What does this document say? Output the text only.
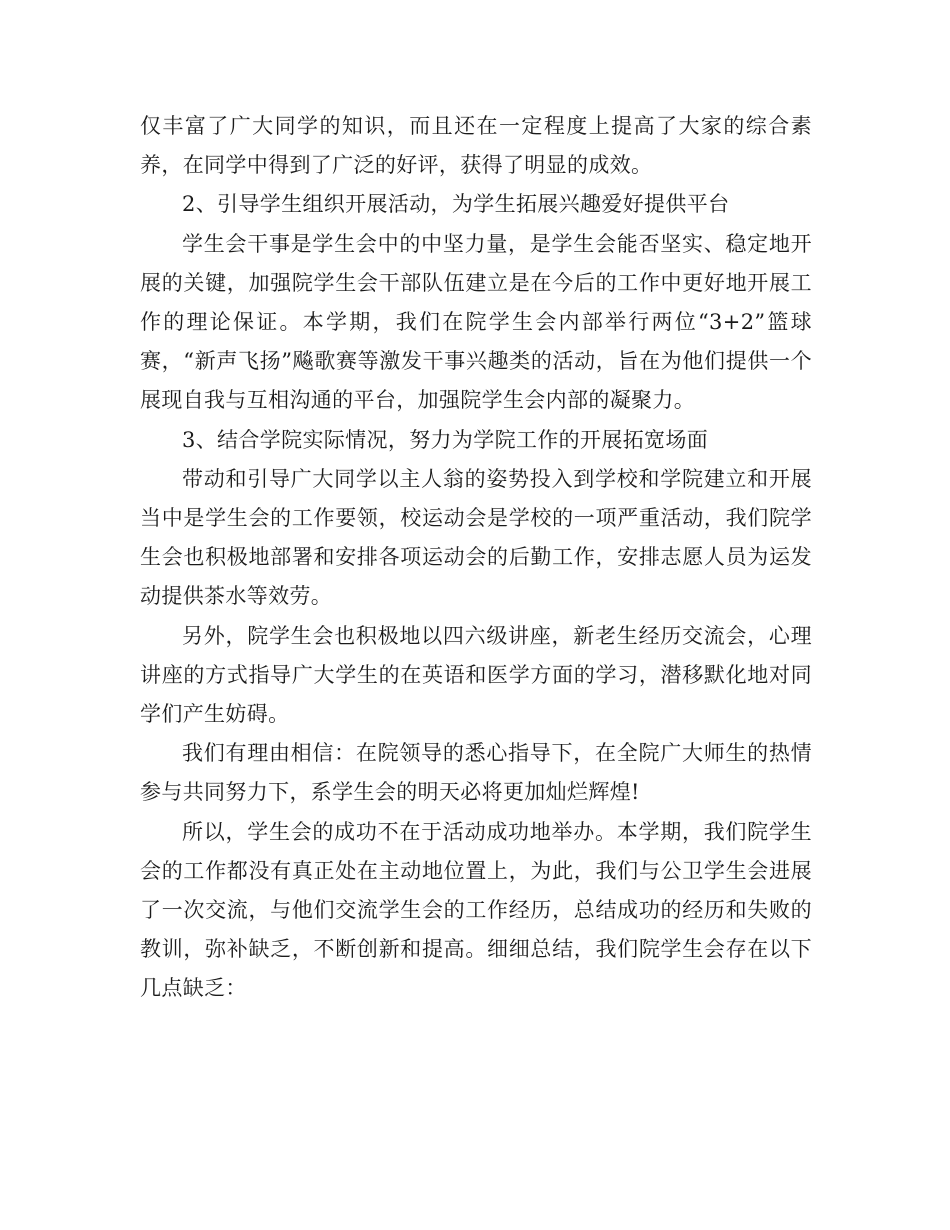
仅丰富了广大同学的知识，而且还在一定程度上提高了大家的综合素养，在同学中得到了广泛的好评，获得了明显的成效。

2、引导学生组织开展活动，为学生拓展兴趣爱好提供平台

学生会干事是学生会中的中坚力量，是学生会能否坚实、稳定地开展的关键，加强院学生会干部队伍建立是在今后的工作中更好地开展工作的理论保证。本学期，我们在院学生会内部举行两位“3+2”篮球赛，“新声飞扬”飚歌赛等激发干事兴趣类的活动，旨在为他们提供一个展现自我与互相沟通的平台，加强院学生会内部的凝聚力。

3、结合学院实际情况，努力为学院工作的开展拓宽场面

带动和引导广大同学以主人翁的姿势投入到学校和学院建立和开展当中是学生会的工作要领，校运动会是学校的一项严重活动，我们院学生会也积极地部署和安排各项运动会的后勤工作，安排志愿人员为运发动提供茶水等效劳。

另外，院学生会也积极地以四六级讲座，新老生经历交流会，心理讲座的方式指导广大学生的在英语和医学方面的学习，潜移默化地对同学们产生妨碍。

我们有理由相信：在院领导的悉心指导下，在全院广大师生的热情参与共同努力下，系学生会的明天必将更加灿烂辉煌!

所以，学生会的成功不在于活动成功地举办。本学期，我们院学生会的工作都没有真正处在主动地位置上，为此，我们与公卫学生会进展了一次交流，与他们交流学生会的工作经历，总结成功的经历和失败的教训，弥补缺乏，不断创新和提高。细细总结，我们院学生会存在以下几点缺乏：
